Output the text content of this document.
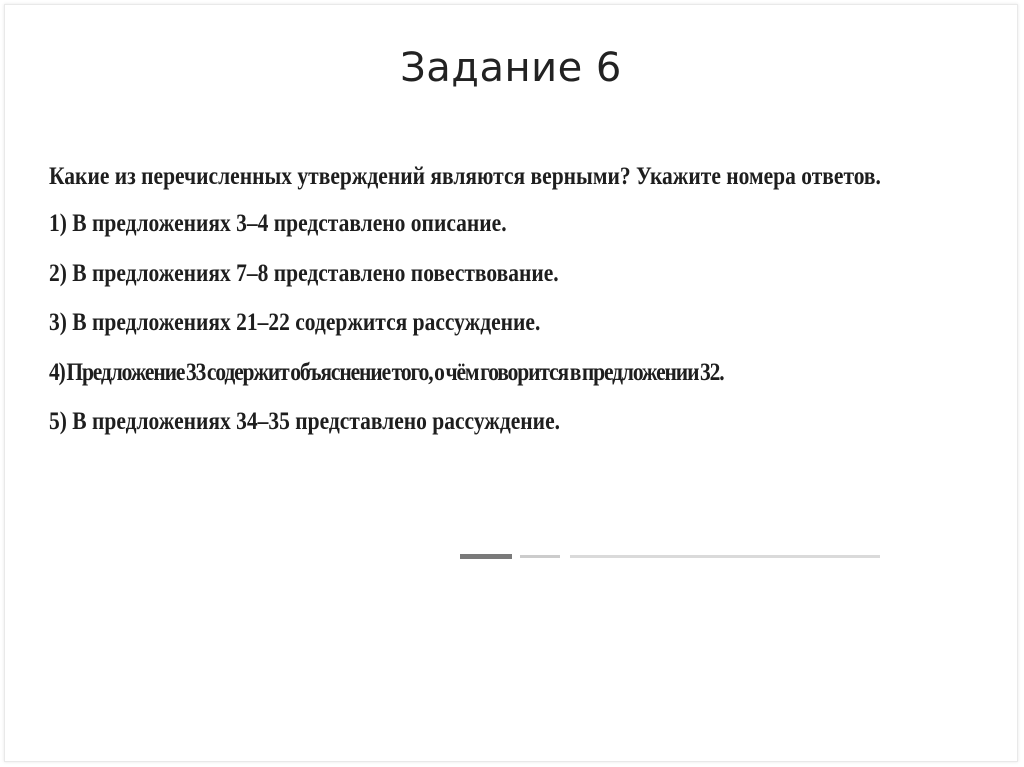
Задание 6

Какие из перечисленных утверждений являются верными? Укажите номера ответов.

1) В предложениях 3–4 представлено описание.
2) В предложениях 7–8 представлено повествование.
3) В предложениях 21–22 содержится рассуждение.
4) Предложение 33 содержит объяснение того, о чём говорится в предложении 32.
5) В предложениях 34–35 представлено рассуждение.
